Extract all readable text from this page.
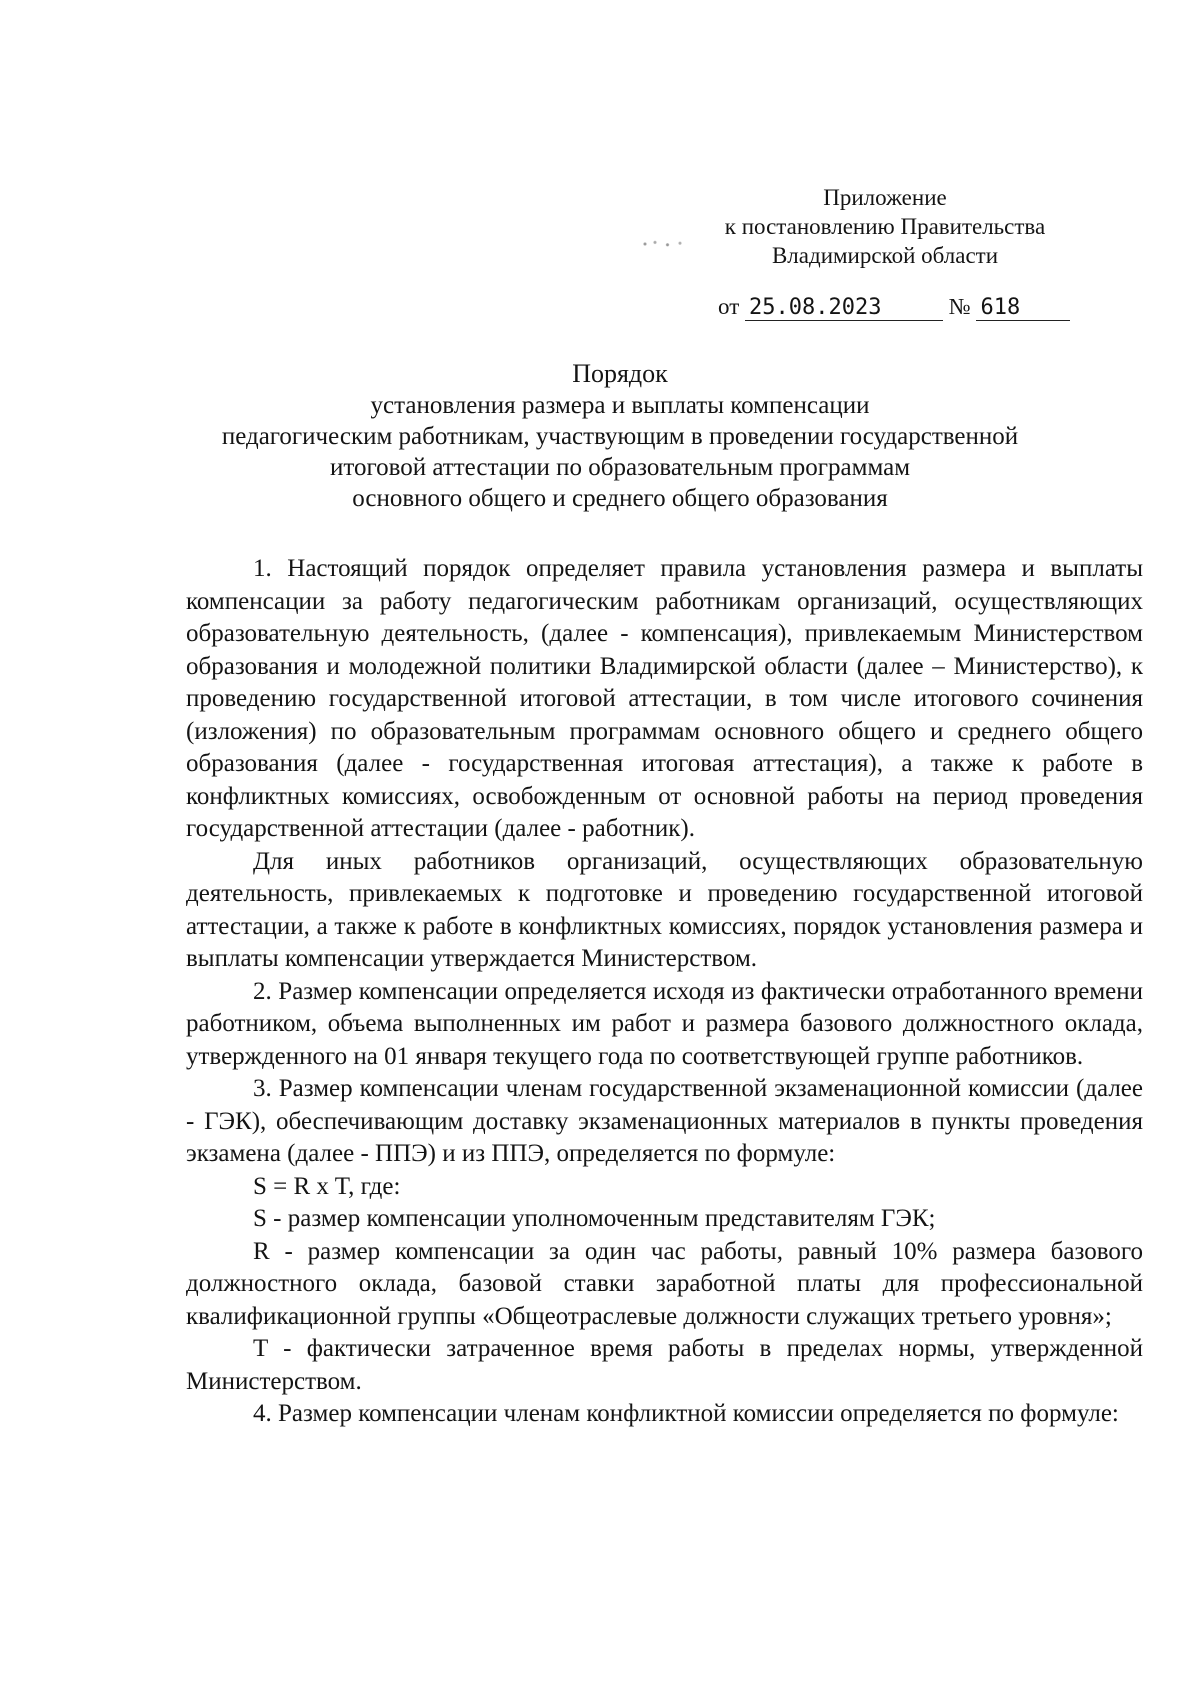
Приложение
к постановлению Правительства
Владимирской области
от 25.08.2023	№ 618
Порядок
установления размера и выплаты компенсации
педагогическим работникам, участвующим в проведении государственной
итоговой аттестации по образовательным программам
основного общего и среднего общего образования

1. Настоящий порядок определяет правила установления размера и выплаты компенсации за работу педагогическим работникам организаций, осуществляющих образовательную деятельность, (далее - компенсация), привлекаемым Министерством образования и молодежной политики Владимирской области (далее – Министерство), к проведению государственной итоговой аттестации, в том числе итогового сочинения (изложения) по образовательным программам основного общего и среднего общего образования (далее - государственная итоговая аттестация), а также к работе в конфликтных комиссиях, освобожденным от основной работы на период проведения государственной аттестации (далее - работник).

Для иных работников организаций, осуществляющих образовательную деятельность, привлекаемых к подготовке и проведению государственной итоговой аттестации, а также к работе в конфликтных комиссиях, порядок установления размера и выплаты компенсации утверждается Министерством.

2. Размер компенсации определяется исходя из фактически отработанного времени работником, объема выполненных им работ и размера базового должностного оклада, утвержденного на 01 января текущего года по соответствующей группе работников.

3. Размер компенсации членам государственной экзаменационной комиссии (далее - ГЭК), обеспечивающим доставку экзаменационных материалов в пункты проведения экзамена (далее - ППЭ) и из ППЭ, определяется по формуле:

S = R x T, где:

S - размер компенсации уполномоченным представителям ГЭК;

R - размер компенсации за один час работы, равный 10% размера базового должностного оклада, базовой ставки заработной платы для профессиональной квалификационной группы «Общеотраслевые должности служащих третьего уровня»;

T - фактически затраченное время работы в пределах нормы, утвержденной Министерством.

4. Размер компенсации членам конфликтной комиссии определяется по формуле:
